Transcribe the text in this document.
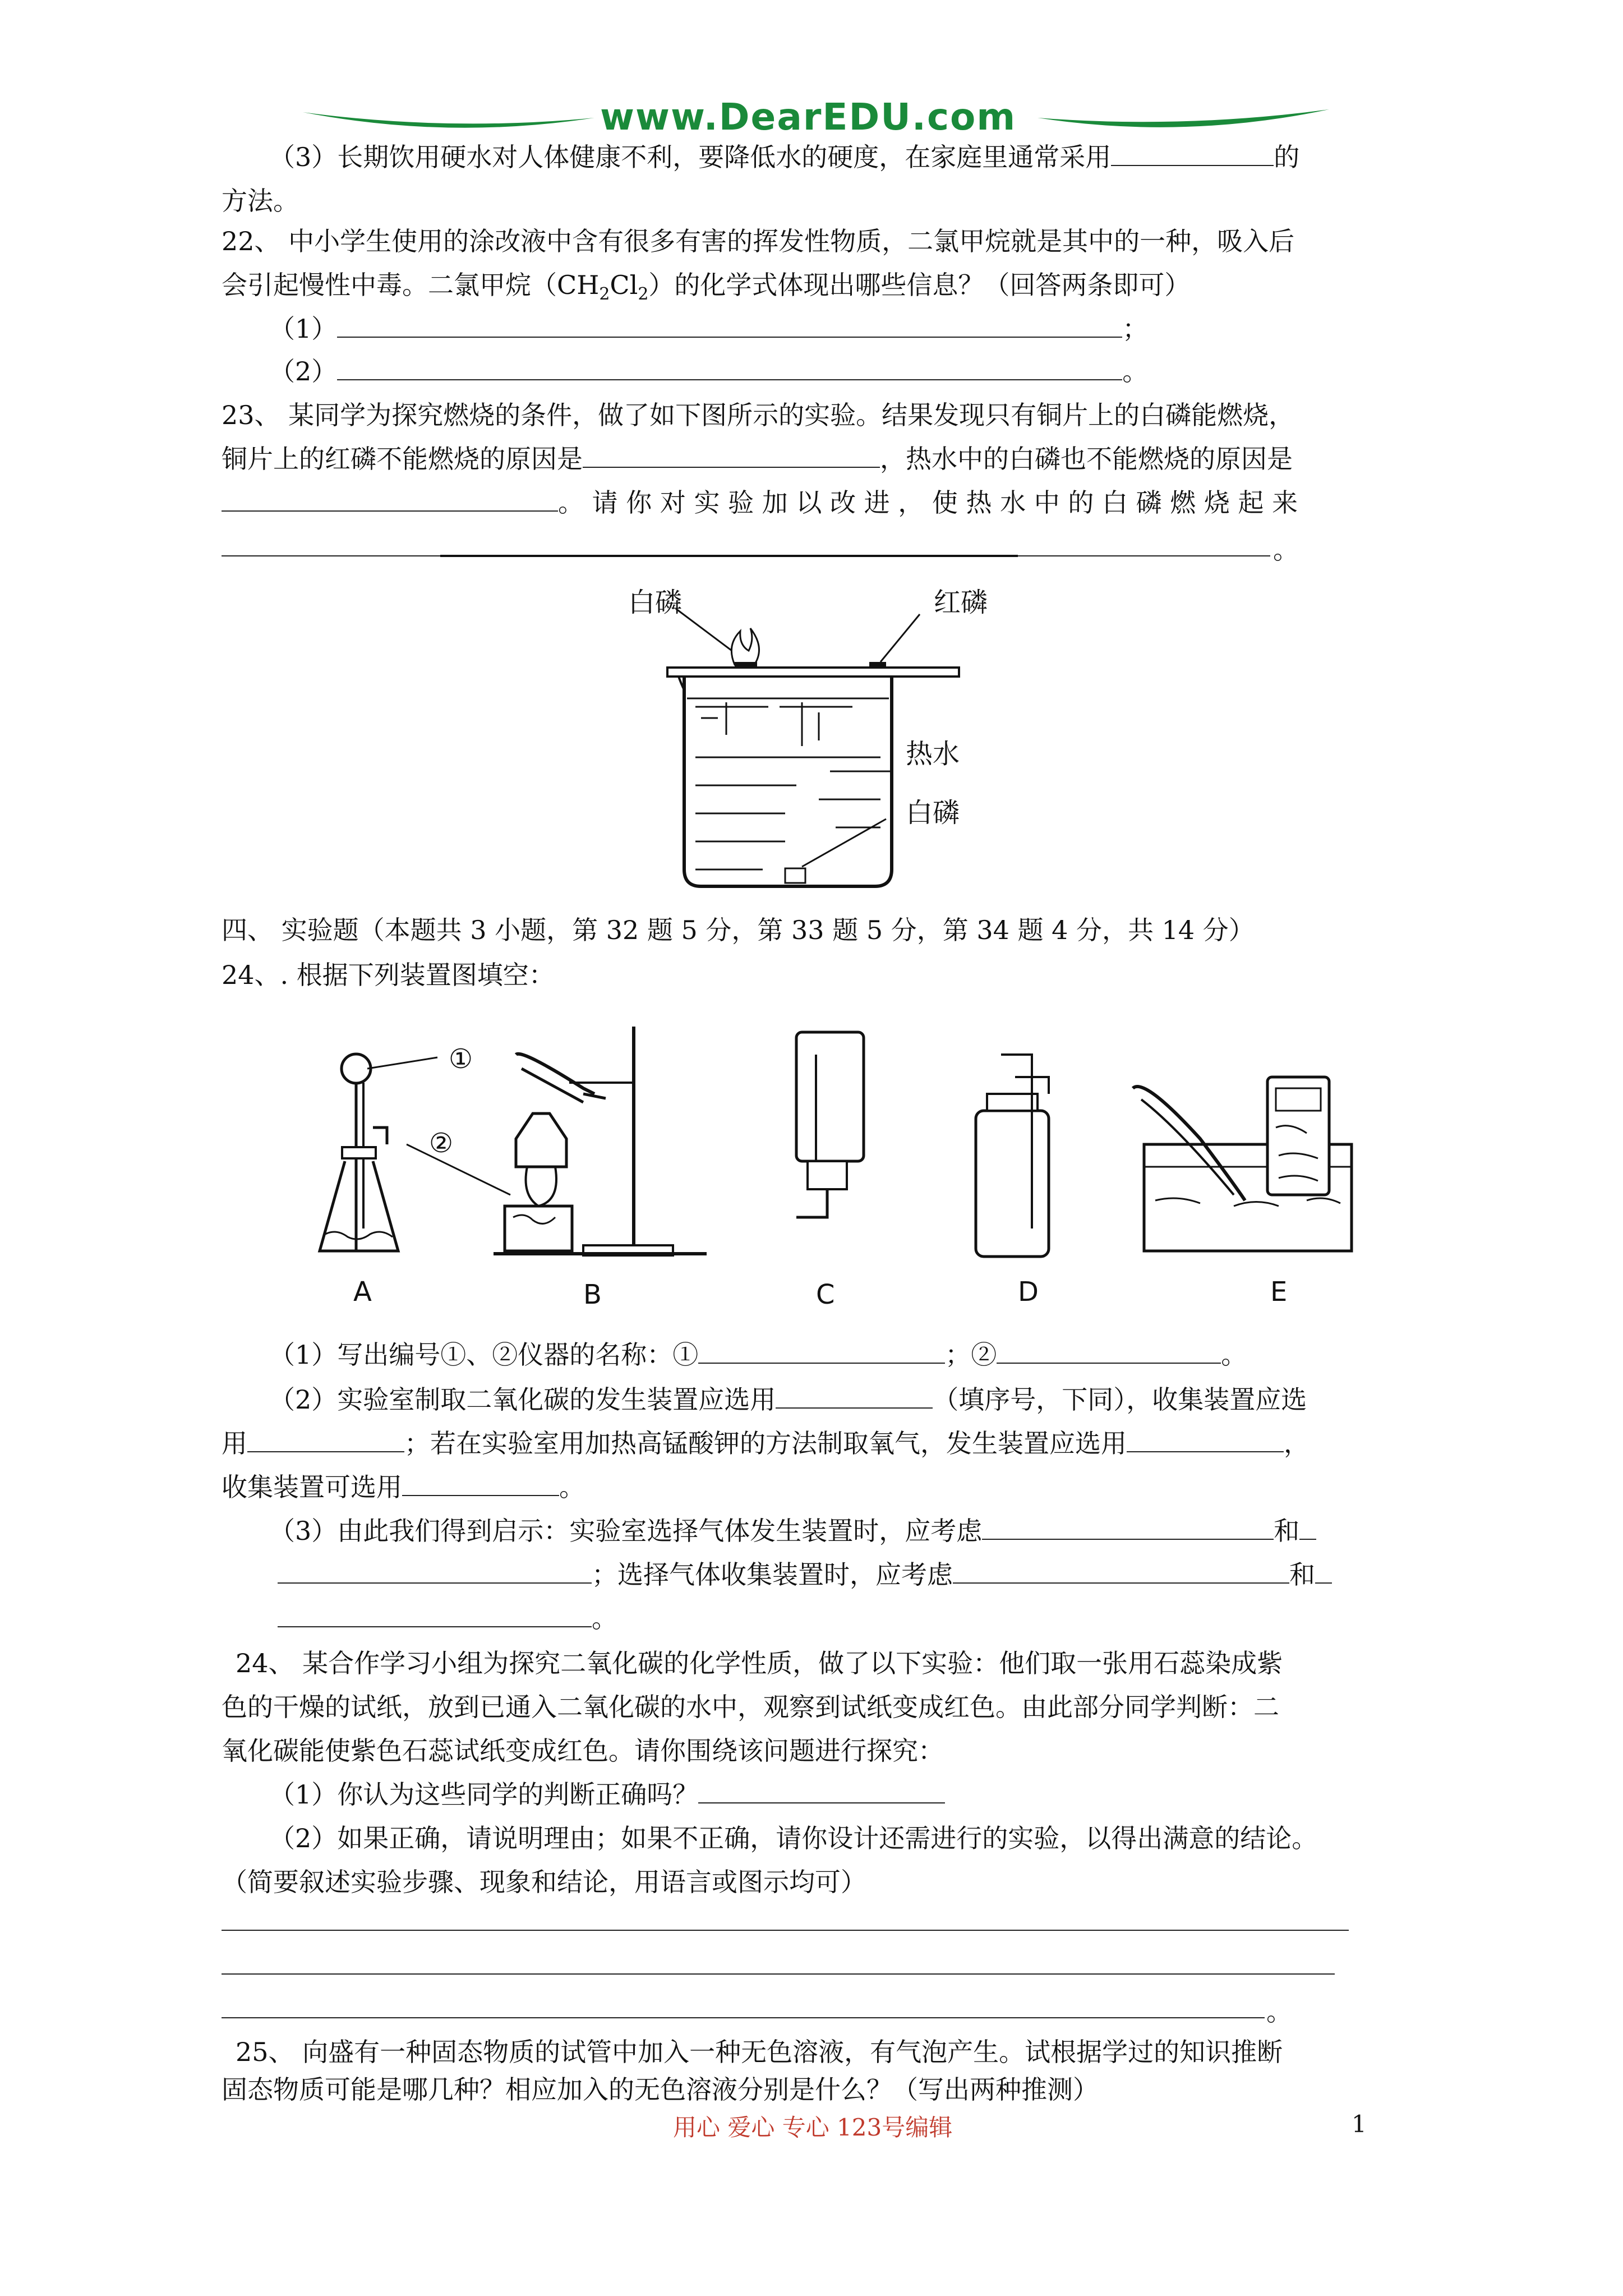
www.DearEDU.com
（3）长期饮用硬水对人体健康不利，要降低水的硬度，在家庭里通常采用	的
方法。
22、 中小学生使用的涂改液中含有很多有害的挥发性物质，二氯甲烷就是其中的一种，吸入后
会引起慢性中毒。二氯甲烷$(CH_2Cl_2)$的化学式体现出哪些信息？（回答两条即可）
（1）	；
（2）	。
23、 某同学为探究燃烧的条件，做了如下图所示的实验。结果发现只有铜片上的白磷能燃烧，
铜片上的红磷不能燃烧的原因是	，热水中的白磷也不能燃烧的原因是
。 请 你 对 实 验 加 以 改 进 ， 使 热 水 中 的 白 磷 燃 烧 起 来
。
白磷	红磷
热水
白磷
四、 实验题（本题共 3 小题，第 32 题 5 分，第 33 题 5 分，第 34 题 4 分，共 14 分）
24、. 根据下列装置图填空：
①
②
A	B	C	D	E
（1）写出编号①、②仪器的名称：①	；②	。
（2）实验室制取二氧化碳的发生装置应选用	（填序号，下同），收集装置应选
用	；若在实验室用加热高锰酸钾的方法制取氧气，发生装置应选用	，
收集装置可选用	。
（3）由此我们得到启示：实验室选择气体发生装置时，应考虑	和
；选择气体收集装置时，应考虑	和
。
24、 某合作学习小组为探究二氧化碳的化学性质，做了以下实验：他们取一张用石蕊染成紫
色的干燥的试纸，放到已通入二氧化碳的水中，观察到试纸变成红色。由此部分同学判断：二
氧化碳能使紫色石蕊试纸变成红色。请你围绕该问题进行探究：
（1）你认为这些同学的判断正确吗？
（2）如果正确，请说明理由；如果不正确，请你设计还需进行的实验，以得出满意的结论。
（简要叙述实验步骤、现象和结论，用语言或图示均可）
。
25、 向盛有一种固态物质的试管中加入一种无色溶液，有气泡产生。试根据学过的知识推断
固态物质可能是哪几种？相应加入的无色溶液分别是什么？（写出两种推测）
用心 爱心 专心 123号编辑	1
